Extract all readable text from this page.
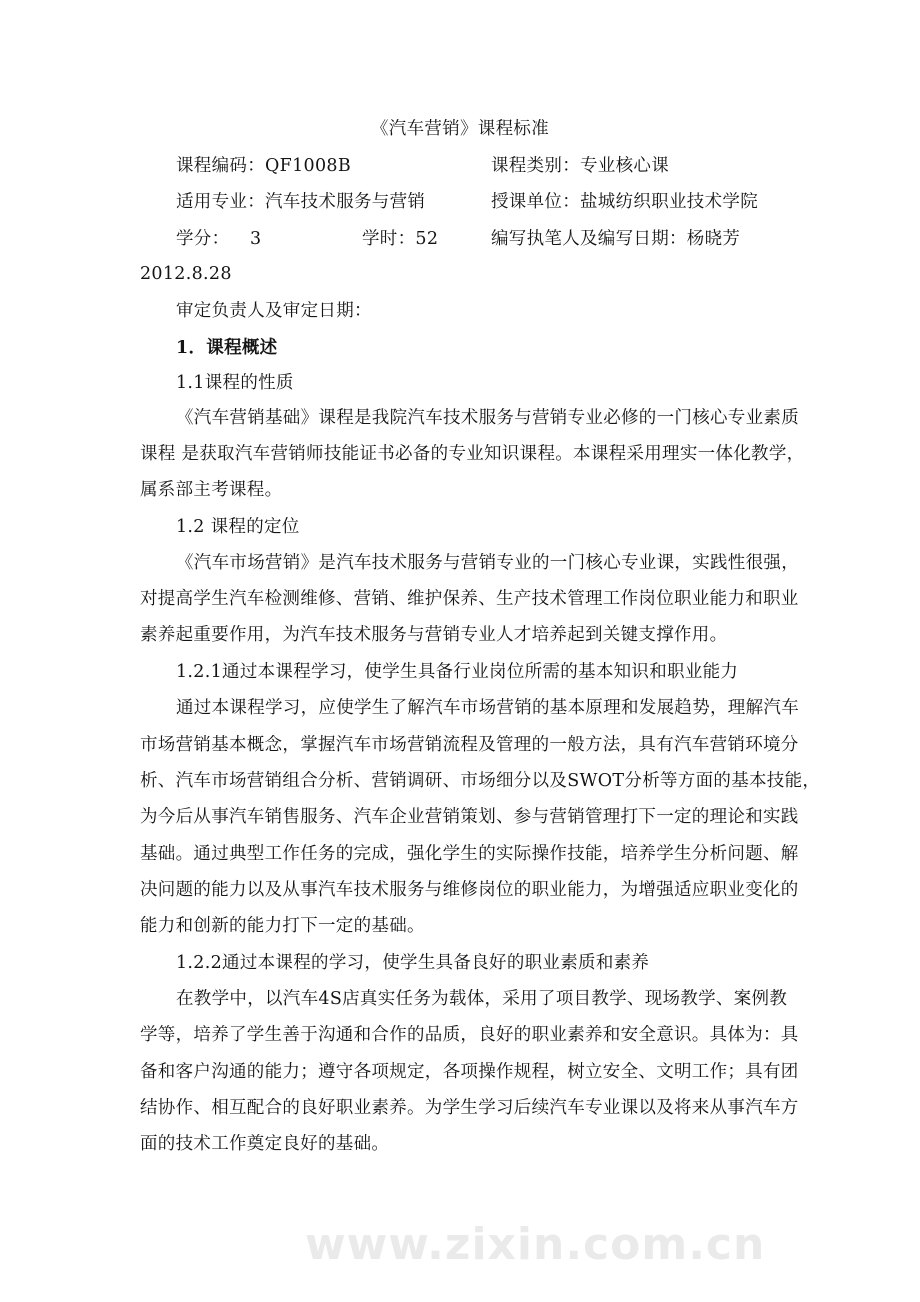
《汽车营销》课程标准
课程编码：QF1008B	课程类别：专业核心课
适用专业：汽车技术服务与营销	授课单位：盐城纺织职业技术学院
学分： 3	学时：52	编写执笔人及编写日期：杨晓芳
2012.8.28
审定负责人及审定日期：
1．课程概述
1.1课程的性质
《汽车营销基础》课程是我院汽车技术服务与营销专业必修的一门核心专业素质
课程 是获取汽车营销师技能证书必备的专业知识课程。本课程采用理实一体化教学，
属系部主考课程。
1.2 课程的定位
《汽车市场营销》是汽车技术服务与营销专业的一门核心专业课，实践性很强，
对提高学生汽车检测维修、营销、维护保养、生产技术管理工作岗位职业能力和职业
素养起重要作用，为汽车技术服务与营销专业人才培养起到关键支撑作用。
1.2.1通过本课程学习，使学生具备行业岗位所需的基本知识和职业能力
通过本课程学习，应使学生了解汽车市场营销的基本原理和发展趋势，理解汽车
市场营销基本概念，掌握汽车市场营销流程及管理的一般方法，具有汽车营销环境分
析、汽车市场营销组合分析、营销调研、市场细分以及SWOT分析等方面的基本技能，
为今后从事汽车销售服务、汽车企业营销策划、参与营销管理打下一定的理论和实践
基础。通过典型工作任务的完成，强化学生的实际操作技能，培养学生分析问题、解
决问题的能力以及从事汽车技术服务与维修岗位的职业能力，为增强适应职业变化的
能力和创新的能力打下一定的基础。
1.2.2通过本课程的学习，使学生具备良好的职业素质和素养
在教学中，以汽车4S店真实任务为载体，采用了项目教学、现场教学、案例教
学等，培养了学生善于沟通和合作的品质，良好的职业素养和安全意识。具体为：具
备和客户沟通的能力；遵守各项规定，各项操作规程，树立安全、文明工作；具有团
结协作、相互配合的良好职业素养。为学生学习后续汽车专业课以及将来从事汽车方
面的技术工作奠定良好的基础。
www.zixin.com.cn
